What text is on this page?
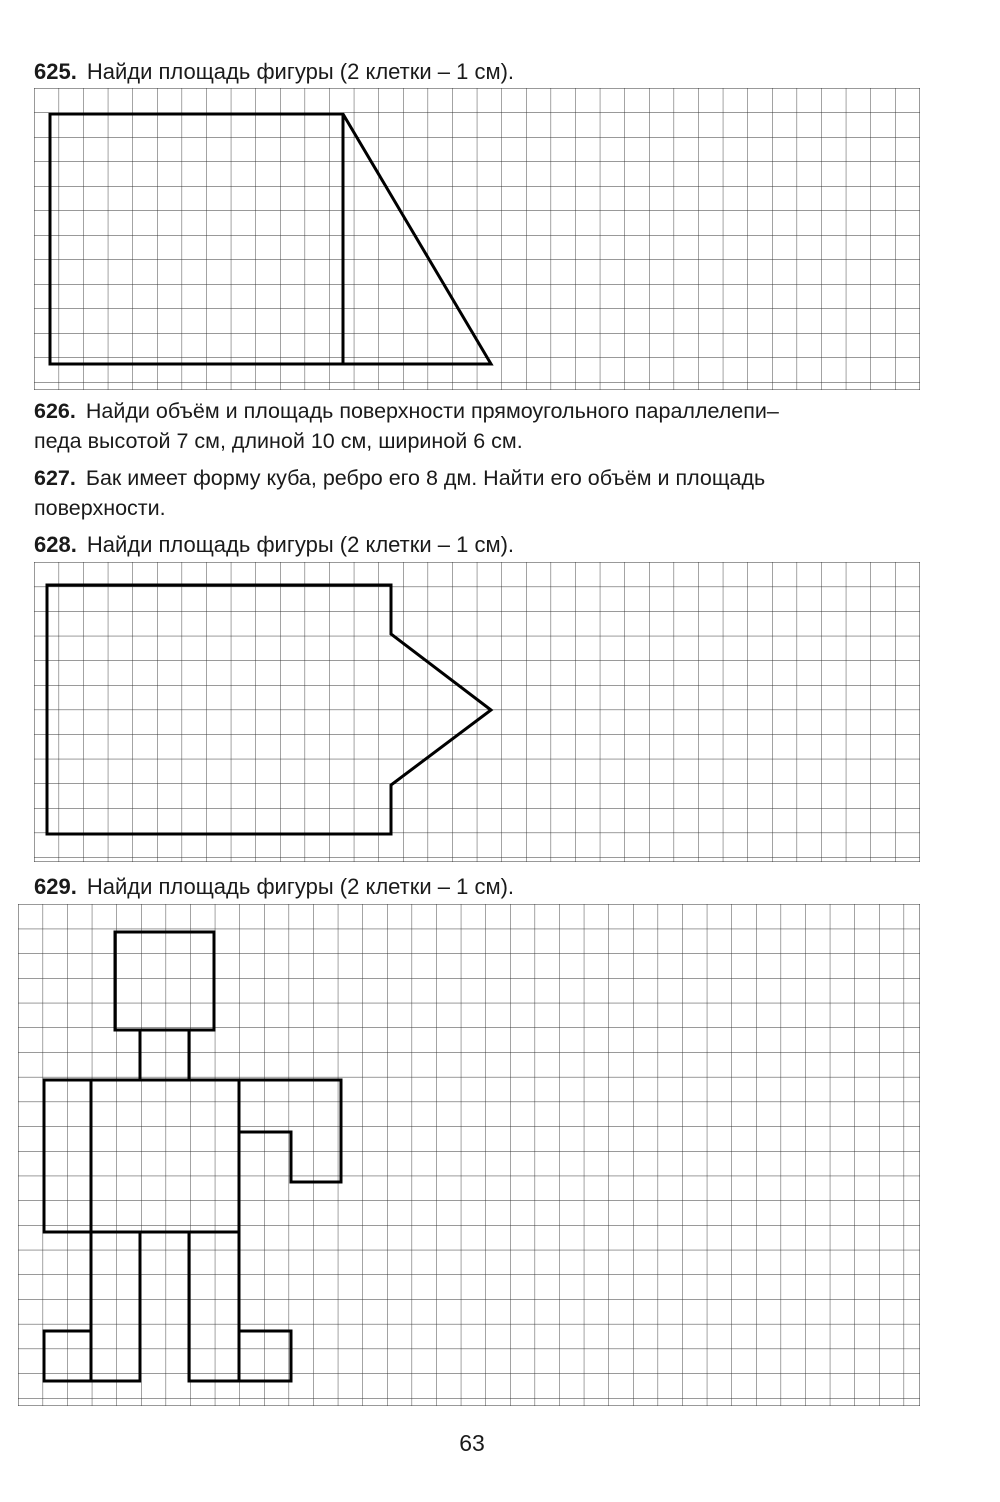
625. Найди площадь фигуры (2 клетки – 1 см).
626. Найди объём и площадь поверхности прямоугольного параллелепи–
педа высотой 7 см, длиной 10 см, шириной 6 см.
627. Бак имеет форму куба, ребро его 8 дм. Найти его объём и площадь
поверхности.
628. Найди площадь фигуры (2 клетки – 1 см).
629. Найди площадь фигуры (2 клетки – 1 см).
63
